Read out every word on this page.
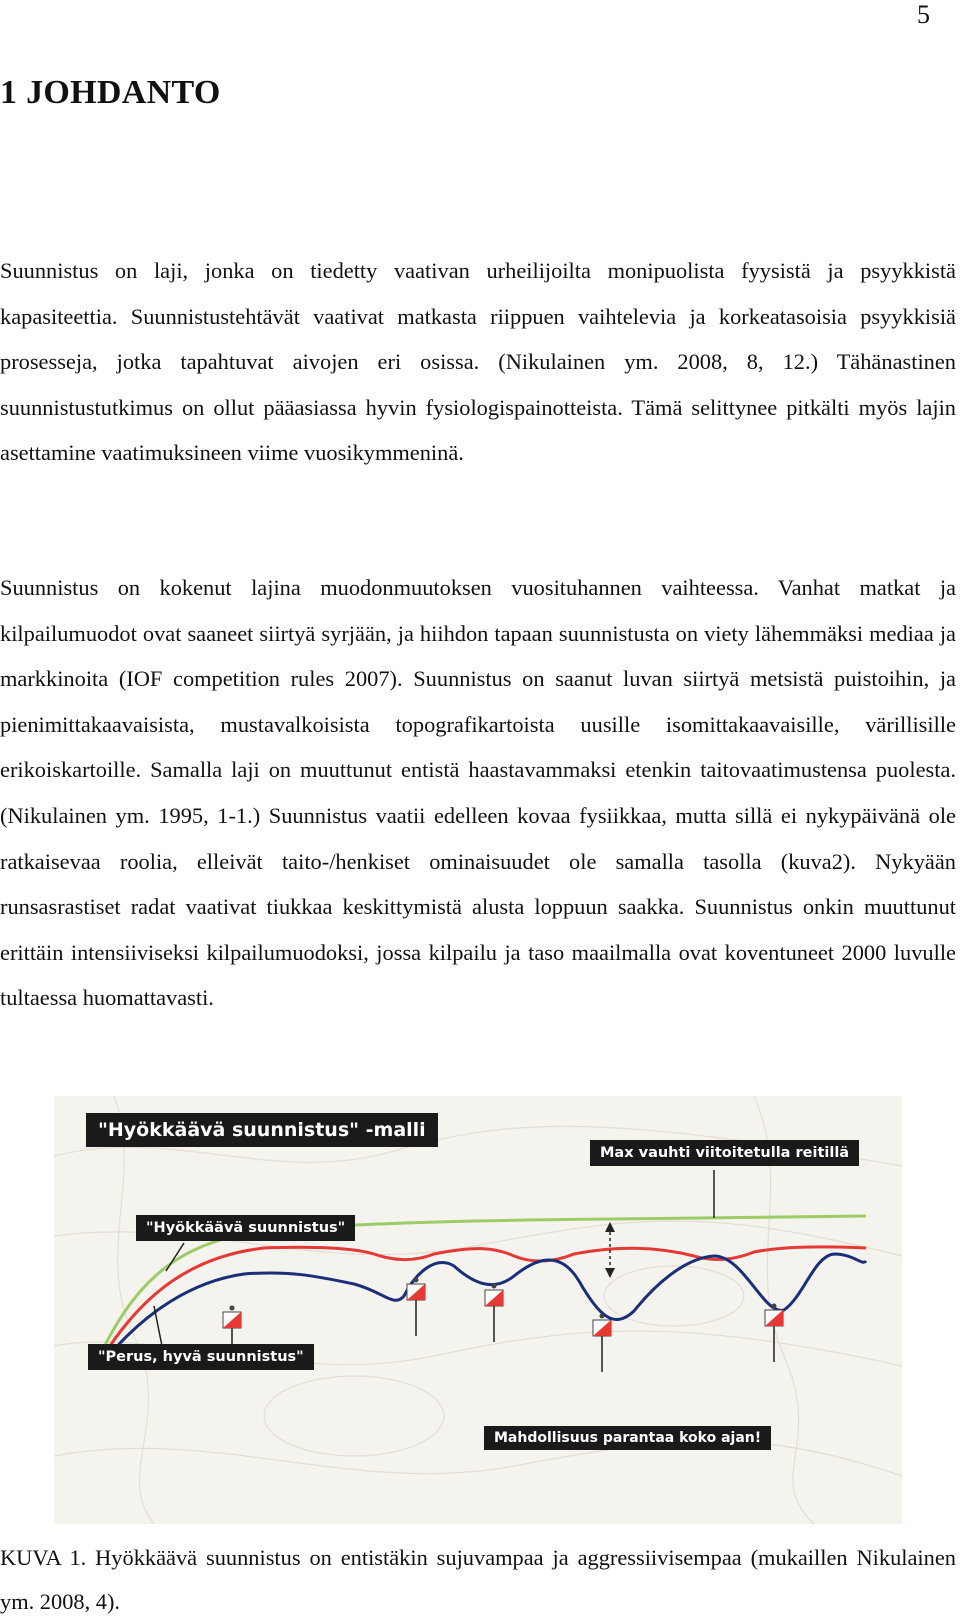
5
1 JOHDANTO

Suunnistus on laji, jonka on tiedetty vaativan urheilijoilta monipuolista fyysistä ja psyykkistä kapasiteettia. Suunnistustehtävät vaativat matkasta riippuen vaihtelevia ja korkeatasoisia psyykkisiä prosesseja, jotka tapahtuvat aivojen eri osissa. (Nikulainen ym. 2008, 8, 12.) Tähänastinen suunnistustutkimus on ollut pääasiassa hyvin fysiologispainotteista. Tämä selittynee pitkälti myös lajin asettamine vaatimuksineen viime vuosikymmeninä.

Suunnistus on kokenut lajina muodonmuutoksen vuosituhannen vaihteessa. Vanhat matkat ja kilpailumuodot ovat saaneet siirtyä syrjään, ja hiihdon tapaan suunnistusta on viety lähemmäksi mediaa ja markkinoita (IOF competition rules 2007). Suunnistus on saanut luvan siirtyä metsistä puistoihin, ja pienimittakaavaisista, mustavalkoisista topografikartoista uusille isomittakaavaisille, värillisille erikoiskartoille. Samalla laji on muuttunut entistä haastavammaksi etenkin taitovaatimustensa puolesta. (Nikulainen ym. 1995, 1-1.) Suunnistus vaatii edelleen kovaa fysiikkaa, mutta sillä ei nykypäivänä ole ratkaisevaa roolia, elleivät taito-/henkiset ominaisuudet ole samalla tasolla (kuva2). Nykyään runsasrastiset radat vaativat tiukkaa keskittymistä alusta loppuun saakka. Suunnistus onkin muuttunut erittäin intensiiviseksi kilpailumuodoksi, jossa kilpailu ja taso maailmalla ovat koventuneet 2000 luvulle tultaessa huomattavasti.

"Hyökkäävä suunnistus" -malli
Max vauhti viitoitetulla reitillä
"Hyökkäävä suunnistus"
"Perus, hyvä suunnistus"
Mahdollisuus parantaa koko ajan!

KUVA 1. Hyökkäävä suunnistus on entistäkin sujuvampaa ja aggressiivisempaa (mukaillen Nikulainen ym. 2008, 4).
